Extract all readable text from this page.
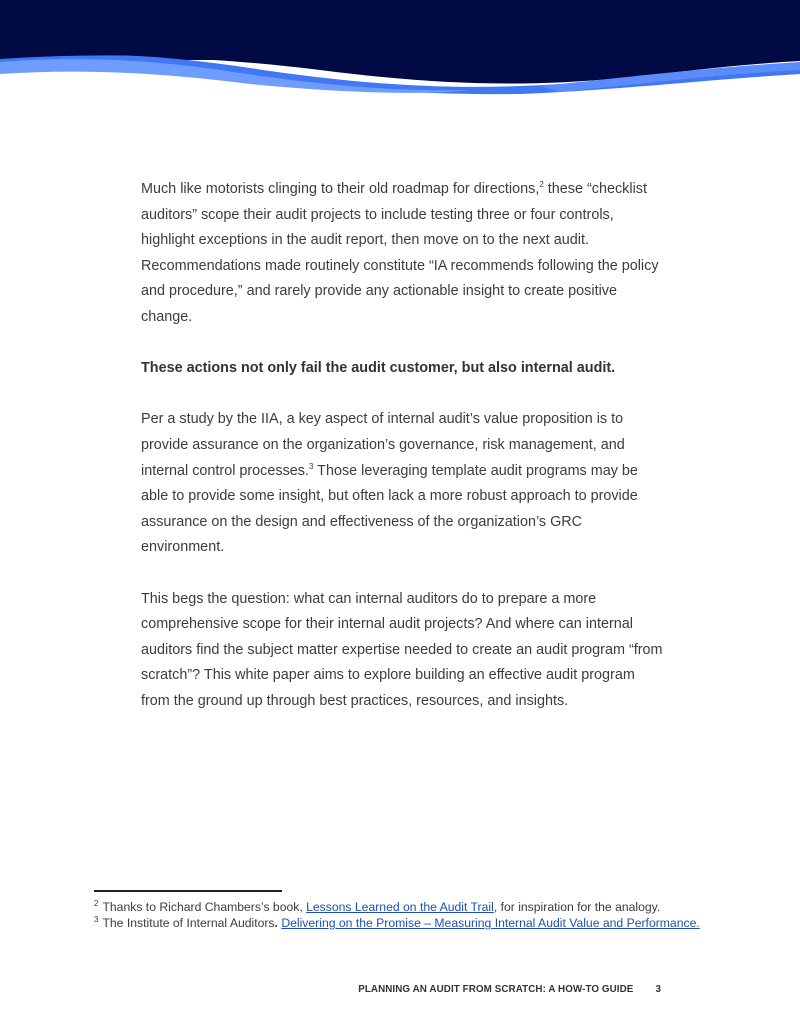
Much like motorists clinging to their old roadmap for directions,$^2$ these “checklist auditors” scope their audit projects to include testing three or four controls, highlight exceptions in the audit report, then move on to the next audit. Recommendations made routinely constitute “IA recommends following the policy and procedure,” and rarely provide any actionable insight to create positive change.

These actions not only fail the audit customer, but also internal audit.

Per a study by the IIA, a key aspect of internal audit’s value proposition is to provide assurance on the organization’s governance, risk management, and internal control processes.$^3$ Those leveraging template audit programs may be able to provide some insight, but often lack a more robust approach to provide assurance on the design and effectiveness of the organization’s GRC environment.

This begs the question: what can internal auditors do to prepare a more comprehensive scope for their internal audit projects? And where can internal auditors find the subject matter expertise needed to create an audit program “from scratch”? This white paper aims to explore building an effective audit program from the ground up through best practices, resources, and insights.

$^2$ Thanks to Richard Chambers’s book, Lessons Learned on the Audit Trail, for inspiration for the analogy.

$^3$ The Institute of Internal Auditors. Delivering on the Promise – Measuring Internal Audit Value and Performance.

PLANNING AN AUDIT FROM SCRATCH: A HOW-TO GUIDE 3
